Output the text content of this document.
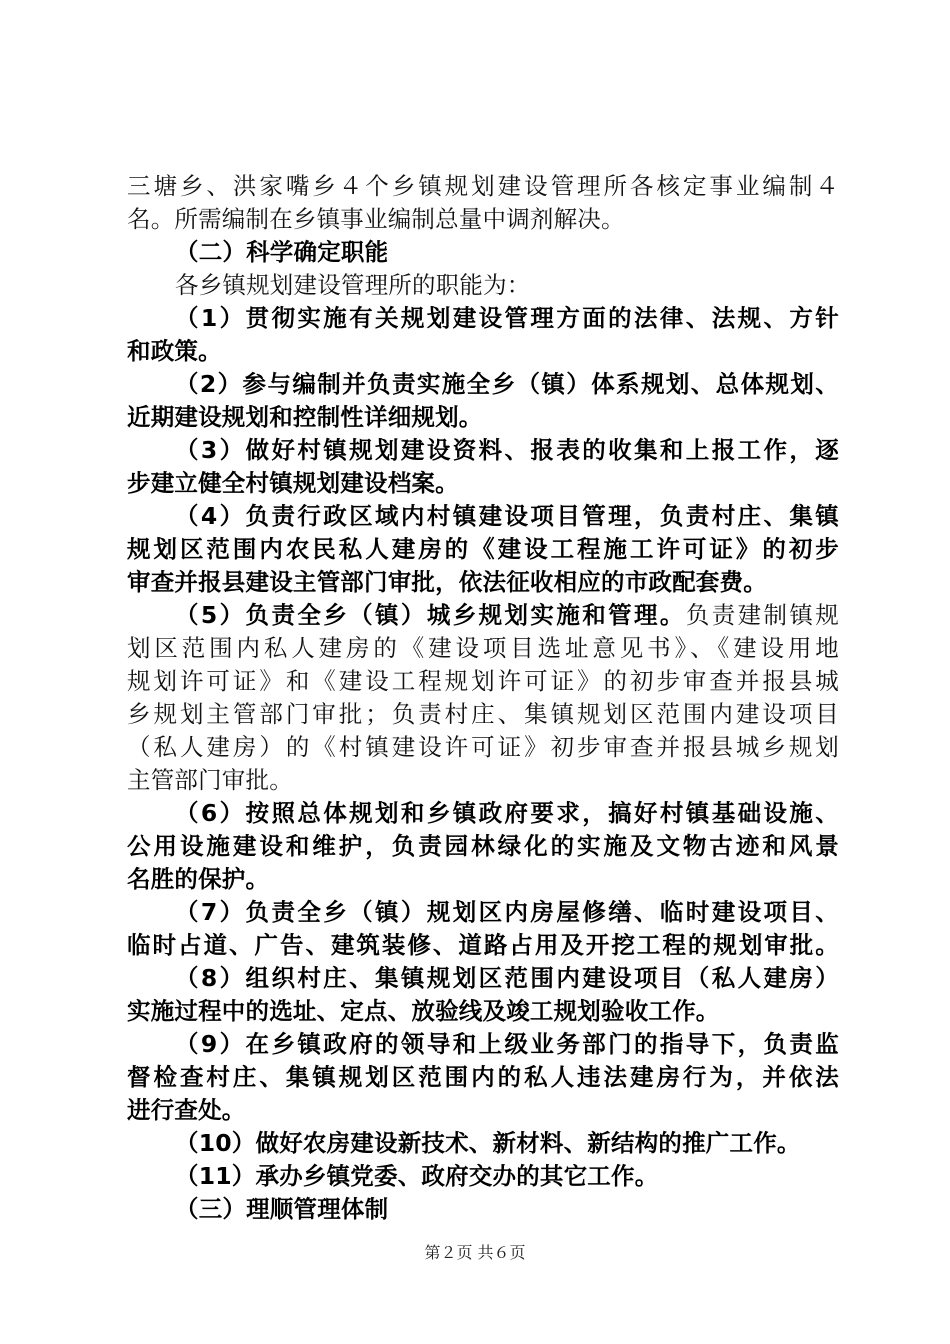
三塘乡、洪家嘴乡４个乡镇规划建设管理所各核定事业编制４
名。所需编制在乡镇事业编制总量中调剂解决。
（二）科学确定职能
各乡镇规划建设管理所的职能为：
（1）贯彻实施有关规划建设管理方面的法律、法规、方针
和政策。
（2）参与编制并负责实施全乡（镇）体系规划、总体规划、
近期建设规划和控制性详细规划。
（3）做好村镇规划建设资料、报表的收集和上报工作，逐
步建立健全村镇规划建设档案。
（4）负责行政区域内村镇建设项目管理，负责村庄、集镇
规划区范围内农民私人建房的《建设工程施工许可证》的初步
审查并报县建设主管部门审批，依法征收相应的市政配套费。
（5）负责全乡（镇）城乡规划实施和管理。负责建制镇规
划区范围内私人建房的《建设项目选址意见书》、《建设用地
规划许可证》和《建设工程规划许可证》的初步审查并报县城
乡规划主管部门审批；负责村庄、集镇规划区范围内建设项目
（私人建房）的《村镇建设许可证》初步审查并报县城乡规划
主管部门审批。
（6）按照总体规划和乡镇政府要求，搞好村镇基础设施、
公用设施建设和维护，负责园林绿化的实施及文物古迹和风景
名胜的保护。
（7）负责全乡（镇）规划区内房屋修缮、临时建设项目、
临时占道、广告、建筑装修、道路占用及开挖工程的规划审批。
（8）组织村庄、集镇规划区范围内建设项目（私人建房）
实施过程中的选址、定点、放验线及竣工规划验收工作。
（9）在乡镇政府的领导和上级业务部门的指导下，负责监
督检查村庄、集镇规划区范围内的私人违法建房行为，并依法
进行查处。
（10）做好农房建设新技术、新材料、新结构的推广工作。
（11）承办乡镇党委、政府交办的其它工作。
（三）理顺管理体制
第２页 共６页
